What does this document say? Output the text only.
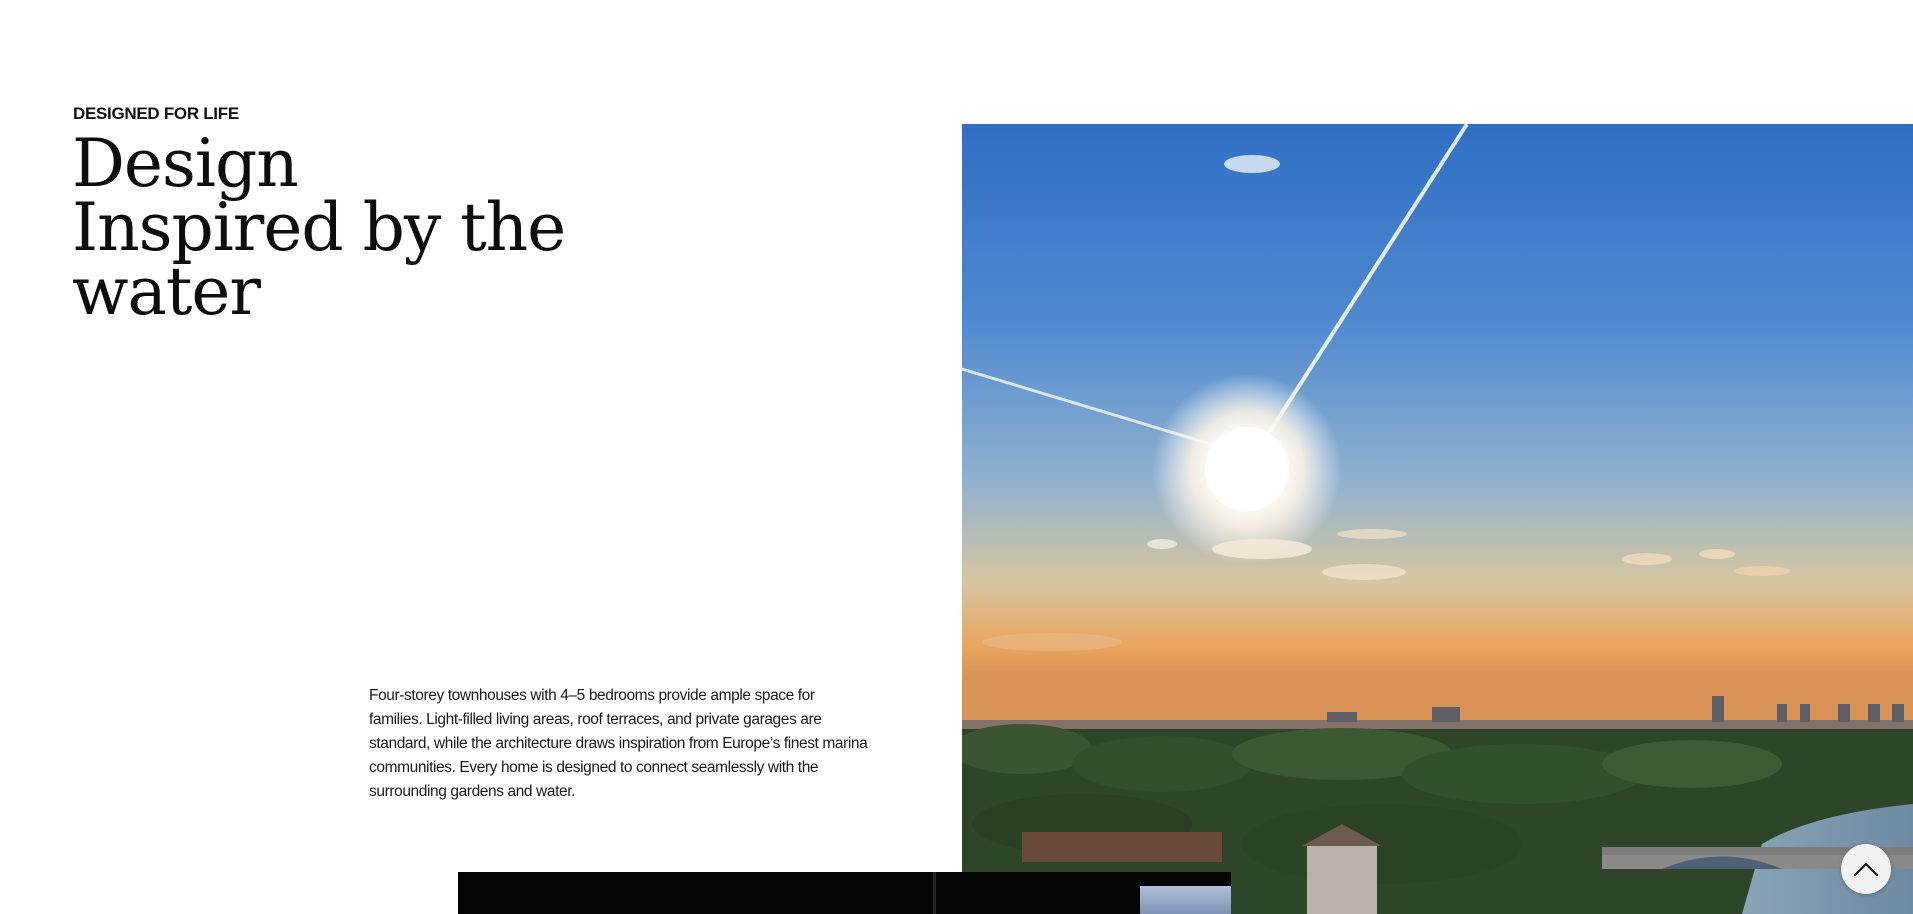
DESIGNED FOR LIFE
Design
Inspired by the
water

Four-storey townhouses with 4–5 bedrooms provide ample space for families. Light-filled living areas, roof terraces, and private garages are standard, while the architecture draws inspiration from Europe’s finest marina communities. Every home is designed to connect seamlessly with the surrounding gardens and water.
